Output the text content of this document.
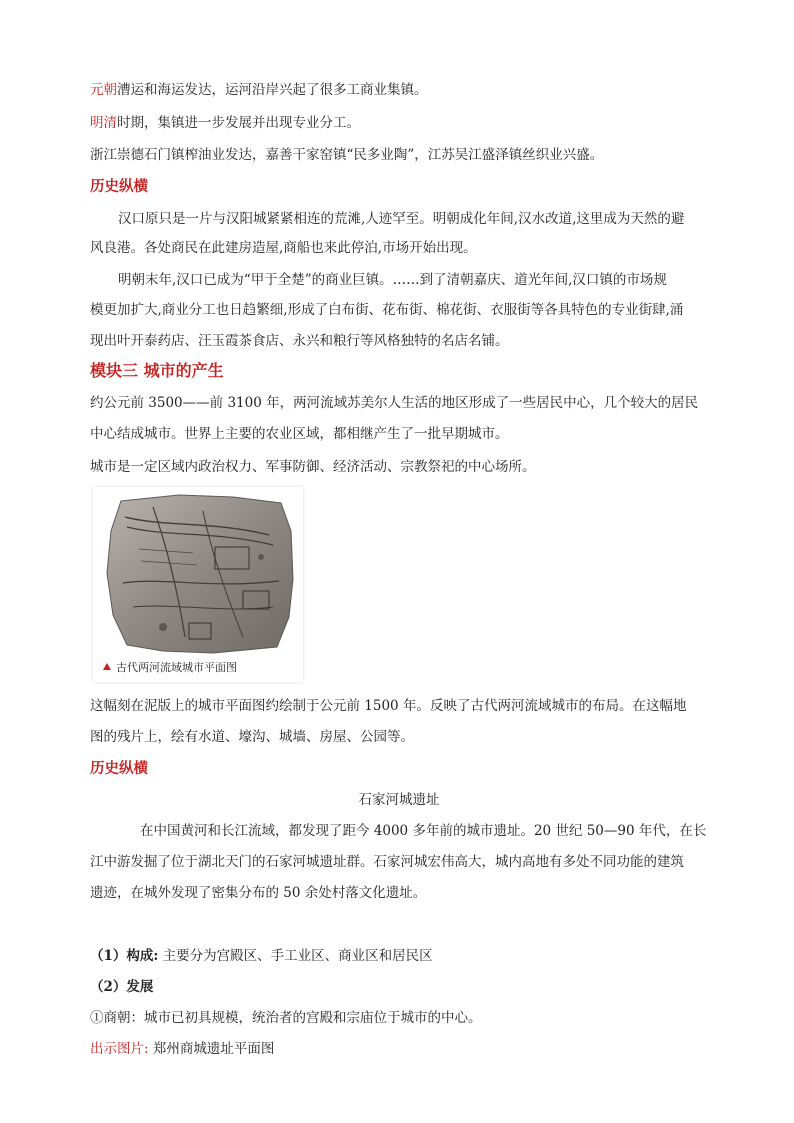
元朝漕运和海运发达，运河沿岸兴起了很多工商业集镇。
明清时期，集镇进一步发展并出现专业分工。
浙江崇德石门镇榨油业发达，嘉善干家窑镇“民多业陶”，江苏吴江盛泽镇丝织业兴盛。
历史纵横
汉口原只是一片与汉阳城紧紧相连的荒滩,人迹罕至。明朝成化年间,汉水改道,这里成为天然的避
风良港。各处商民在此建房造屋,商船也来此停泊,市场开始出现。
明朝末年,汉口已成为“甲于全楚”的商业巨镇。……到了清朝嘉庆、道光年间,汉口镇的市场规
模更加扩大,商业分工也日趋繁细,形成了白布街、花布街、棉花街、衣服街等各具特色的专业街肆,涌
现出叶开泰药店、汪玉霞茶食店、永兴和粮行等风格独特的名店名铺。
模块三 城市的产生
约公元前 3500——前 3100 年，两河流域苏美尔人生活的地区形成了一些居民中心，几个较大的居民
中心结成城市。世界上主要的农业区域，都相继产生了一批早期城市。
城市是一定区域内政治权力、军事防御、经济活动、宗教祭祀的中心场所。
古代两河流域城市平面图
这幅刻在泥版上的城市平面图约绘制于公元前 1500 年。反映了古代两河流域城市的布局。在这幅地
图的残片上，绘有水道、壕沟、城墙、房屋、公园等。
历史纵横
石家河城遗址
在中国黄河和长江流域，都发现了距今 4000 多年前的城市遗址。20 世纪 50—90 年代，在长
江中游发掘了位于湖北天门的石家河城遗址群。石家河城宏伟高大，城内高地有多处不同功能的建筑
遗迹，在城外发现了密集分布的 50 余处村落文化遗址。
（1）构成: 主要分为宫殿区、手工业区、商业区和居民区
（2）发展
①商朝：城市已初具规模，统治者的宫殿和宗庙位于城市的中心。
出示图片: 郑州商城遗址平面图
